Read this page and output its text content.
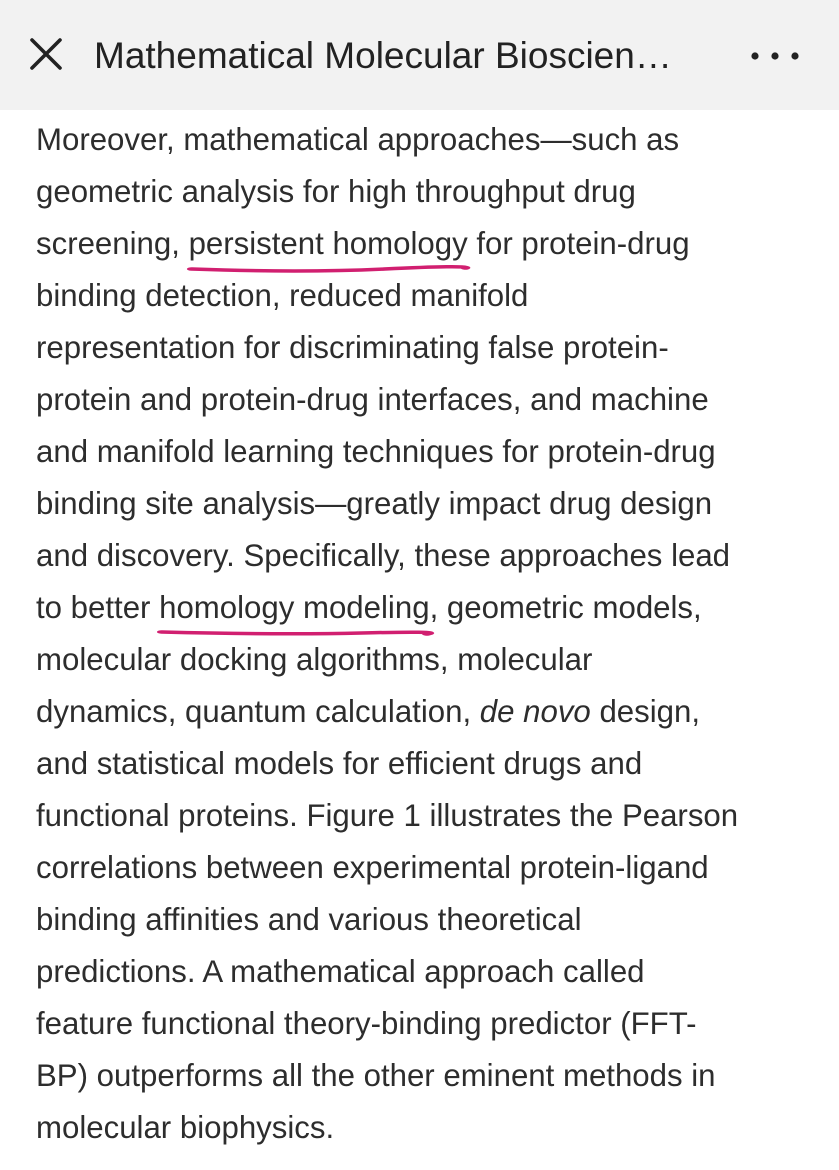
Mathematical Molecular Bioscien…
Moreover, mathematical approaches—such as
geometric analysis for high throughput drug
screening, persistent homology
for protein-drug
binding detection, reduced manifold
representation for discriminating false protein-
protein and protein-drug interfaces, and machine
and manifold learning techniques for protein-drug
binding site analysis—greatly impact drug design
and discovery. Specifically, these approaches lead
to better homology modeling
, geometric models,
molecular docking algorithms, molecular
dynamics, quantum calculation, de novo design,
and statistical models for efficient drugs and
functional proteins. Figure 1 illustrates the Pearson
correlations between experimental protein-ligand
binding affinities and various theoretical
predictions. A mathematical approach called
feature functional theory-binding predictor (FFT-
BP) outperforms all the other eminent methods in
molecular biophysics.
